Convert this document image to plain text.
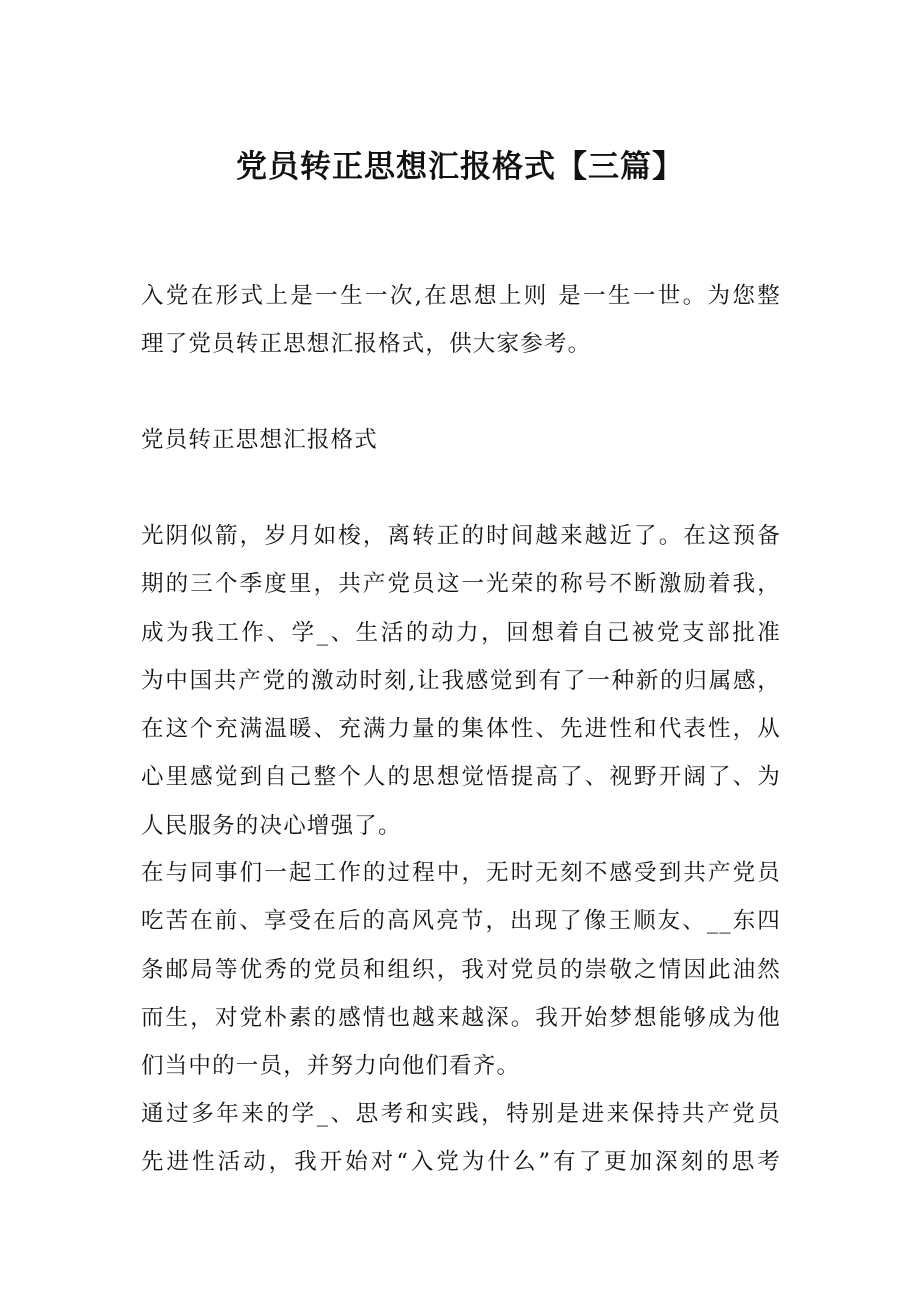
党员转正思想汇报格式【三篇】

入党在形式上是一生一次,在思想上则 是一生一世。为您整
理了党员转正思想汇报格式，供大家参考。

党员转正思想汇报格式

光阴似箭，岁月如梭，离转正的时间越来越近了。在这预备
期的三个季度里，共产党员这一光荣的称号不断激励着我，
成为我工作、学_、生活的动力，回想着自己被党支部批准
为中国共产党的激动时刻,让我感觉到有了一种新的归属感，
在这个充满温暖、充满力量的集体性、先进性和代表性，从
心里感觉到自己整个人的思想觉悟提高了、视野开阔了、为
人民服务的决心增强了。

在与同事们一起工作的过程中，无时无刻不感受到共产党员
吃苦在前、享受在后的高风亮节，出现了像王顺友、__东四
条邮局等优秀的党员和组织，我对党员的崇敬之情因此油然
而生，对党朴素的感情也越来越深。我开始梦想能够成为他
们当中的一员，并努力向他们看齐。

通过多年来的学_、思考和实践，特别是进来保持共产党员
先进性活动，我开始对“入党为什么”有了更加深刻的思考
